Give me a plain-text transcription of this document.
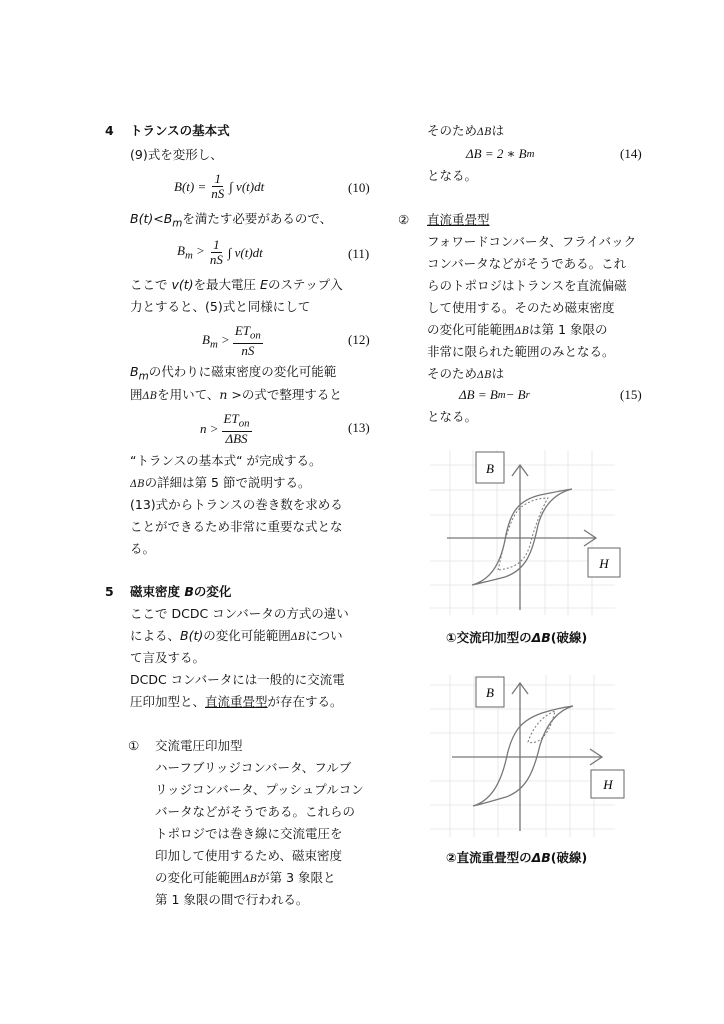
4 トランスの基本式
(9)式を変形し、
$B(t) = \frac{1}{nS}$ ∫ v(t)dt	(10)
$B(t)<B_m$を満たす必要があるので、
$B_m > \frac{1}{nS}$ ∫ v(t)dt	(11)
ここで v(t)を最大電圧 Eのステップ入
力とすると、(5)式と同様にして
$B_m > \frac{ET_{on}}{nS}$	(12)
$B_m$の代わりに磁束密度の変化可能範
囲ΔBを用いて、n >の式で整理すると
$n > \frac{ET_{on}}{\text{ΔBS}}$	(13)
“トランスの基本式“ が完成する。
ΔBの詳細は第 5 節で説明する。
(13)式からトランスの巻き数を求める
ことができるため非常に重要な式とな
る。
5 磁束密度 Bの変化
ここで DCDC コンバータの方式の違い
による、B(t)の変化可能範囲ΔBについ
て言及する。
DCDC コンバータには一般的に交流電
圧印加型と、直流重畳型が存在する。
① 交流電圧印加型
ハーフブリッジコンバータ、フルブ
リッジコンバータ、プッシュプルコン
バータなどがそうである。これらの
トポロジでは巻き線に交流電圧を
印加して使用するため、磁束密度
の変化可能範囲ΔBが第 3 象限と
第 1 象限の間で行われる。
そのためΔBは
ΔB = 2 ∗ B m	(14)
となる。
② 直流重畳型
フォワードコンバータ、フライバック
コンバータなどがそうである。これ
らのトポロジはトランスを直流偏磁
して使用する。そのため磁束密度
の変化可能範囲ΔBは第 1 象限の
非常に限られた範囲のみとなる。
そのためΔBは
ΔB = B m − B r	(15)
となる。
B
H
①交流印加型のΔB(破線)
B
H
②直流重畳型のΔB(破線)
